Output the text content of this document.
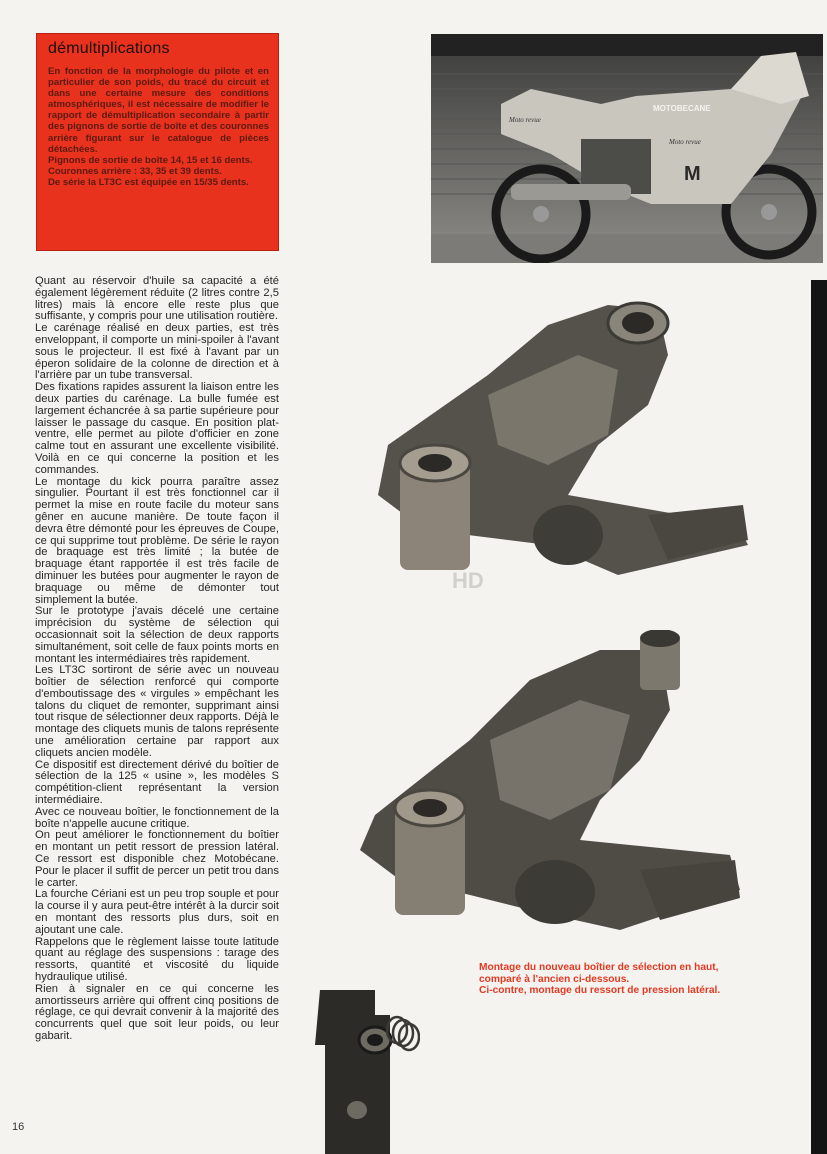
démultiplications

En fonction de la morphologie du pilote et en particulier de son poids, du tracé du circuit et dans une certaine mesure des conditions atmosphériques, il est nécessaire de modifier le rapport de démultiplication secondaire à partir des pignons de sortie de boîte et des couronnes arrière figurant sur le catalogue de pièces détachées.

Pignons de sortie de boîte 14, 15 et 16 dents.

Couronnes arrière : 33, 35 et 39 dents.

De série la LT3C est équipée en 15/35 dents.

MOTOBECANE
Moto revue
Moto revue
M

Quant au réservoir d'huile sa capacité a été également légèrement réduite (2 litres contre 2,5 litres) mais là encore elle reste plus que suffisante, y compris pour une utilisation routière.

Le carénage réalisé en deux parties, est très enveloppant, il comporte un mini-spoiler à l'avant sous le projecteur. Il est fixé à l'avant par un éperon solidaire de la colonne de direction et à l'arrière par un tube transversal.

Des fixations rapides assurent la liaison entre les deux parties du carénage. La bulle fumée est largement échancrée à sa partie supérieure pour laisser le passage du casque. En position plat-ventre, elle permet au pilote d'officier en zone calme tout en assurant une excellente visibilité. Voilà en ce qui concerne la position et les commandes.

Le montage du kick pourra paraître assez singulier. Pourtant il est très fonctionnel car il permet la mise en route facile du moteur sans gêner en aucune manière. De toute façon il devra être démonté pour les épreuves de Coupe, ce qui supprime tout problème. De série le rayon de braquage est très limité ; la butée de braquage étant rapportée il est très facile de diminuer les butées pour augmenter le rayon de braquage ou même de démonter tout simplement la butée.

Sur le prototype j'avais décelé une certaine imprécision du système de sélection qui occasionnait soit la sélection de deux rapports simultanément, soit celle de faux points morts en montant les intermédiaires très rapidement.

Les LT3C sortiront de série avec un nouveau boîtier de sélection renforcé qui comporte d'emboutissage des « virgules » empêchant les talons du cliquet de remonter, supprimant ainsi tout risque de sélectionner deux rapports. Déjà le montage des cliquets munis de talons représente une amélioration certaine par rapport aux cliquets ancien modèle.

Ce dispositif est directement dérivé du boîtier de sélection de la 125 « usine », les modèles S compétition-client représentant la version intermédiaire.

Avec ce nouveau boîtier, le fonctionnement de la boîte n'appelle aucune critique.

On peut améliorer le fonctionnement du boîtier en montant un petit ressort de pression latéral. Ce ressort est disponible chez Motobécane. Pour le placer il suffit de percer un petit trou dans le carter.

La fourche Cériani est un peu trop souple et pour la course il y aura peut-être intérêt à la durcir soit en montant des ressorts plus durs, soit en ajoutant une cale.

Rappelons que le règlement laisse toute latitude quant au réglage des suspensions : tarage des ressorts, quantité et viscosité du liquide hydraulique utilisé.

Rien à signaler en ce qui concerne les amortisseurs arrière qui offrent cinq positions de réglage, ce qui devrait convenir à la majorité des concurrents quel que soit leur poids, ou leur gabarit.

16

Montage du nouveau boîtier de sélection en haut, comparé à l'ancien ci-dessous.

Ci-contre, montage du ressort de pression latéral.

HD
